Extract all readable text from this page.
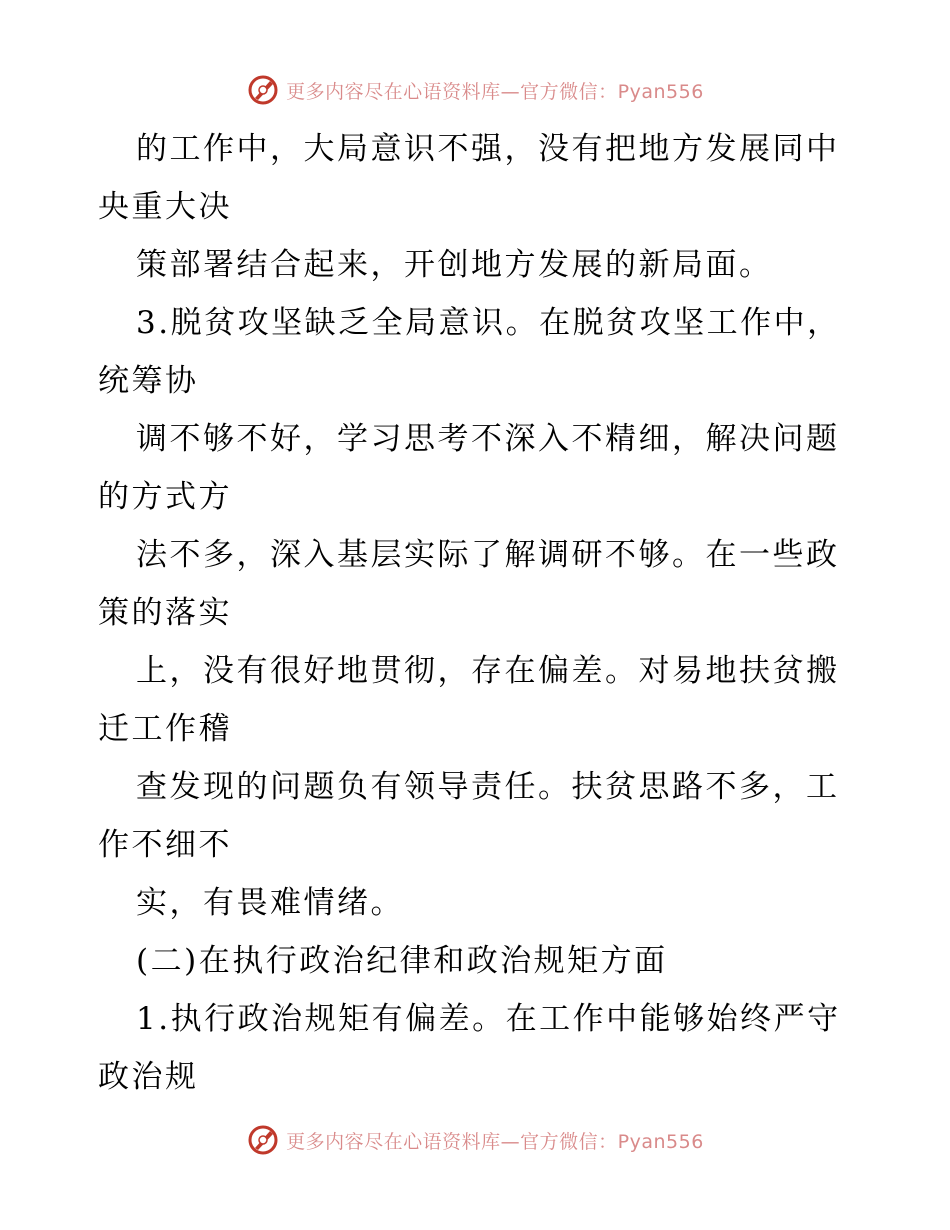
更多内容尽在心语资料库—官方微信：Pyan556
的工作中，大局意识不强，没有把地方发展同中
央重大决
策部署结合起来，开创地方发展的新局面。
3.脱贫攻坚缺乏全局意识。在脱贫攻坚工作中，
统筹协
调不够不好，学习思考不深入不精细，解决问题
的方式方
法不多，深入基层实际了解调研不够。在一些政
策的落实
上，没有很好地贯彻，存在偏差。对易地扶贫搬
迁工作稽
查发现的问题负有领导责任。扶贫思路不多，工
作不细不
实，有畏难情绪。
(二)在执行政治纪律和政治规矩方面
1.执行政治规矩有偏差。在工作中能够始终严守
政治规
更多内容尽在心语资料库—官方微信：Pyan556
